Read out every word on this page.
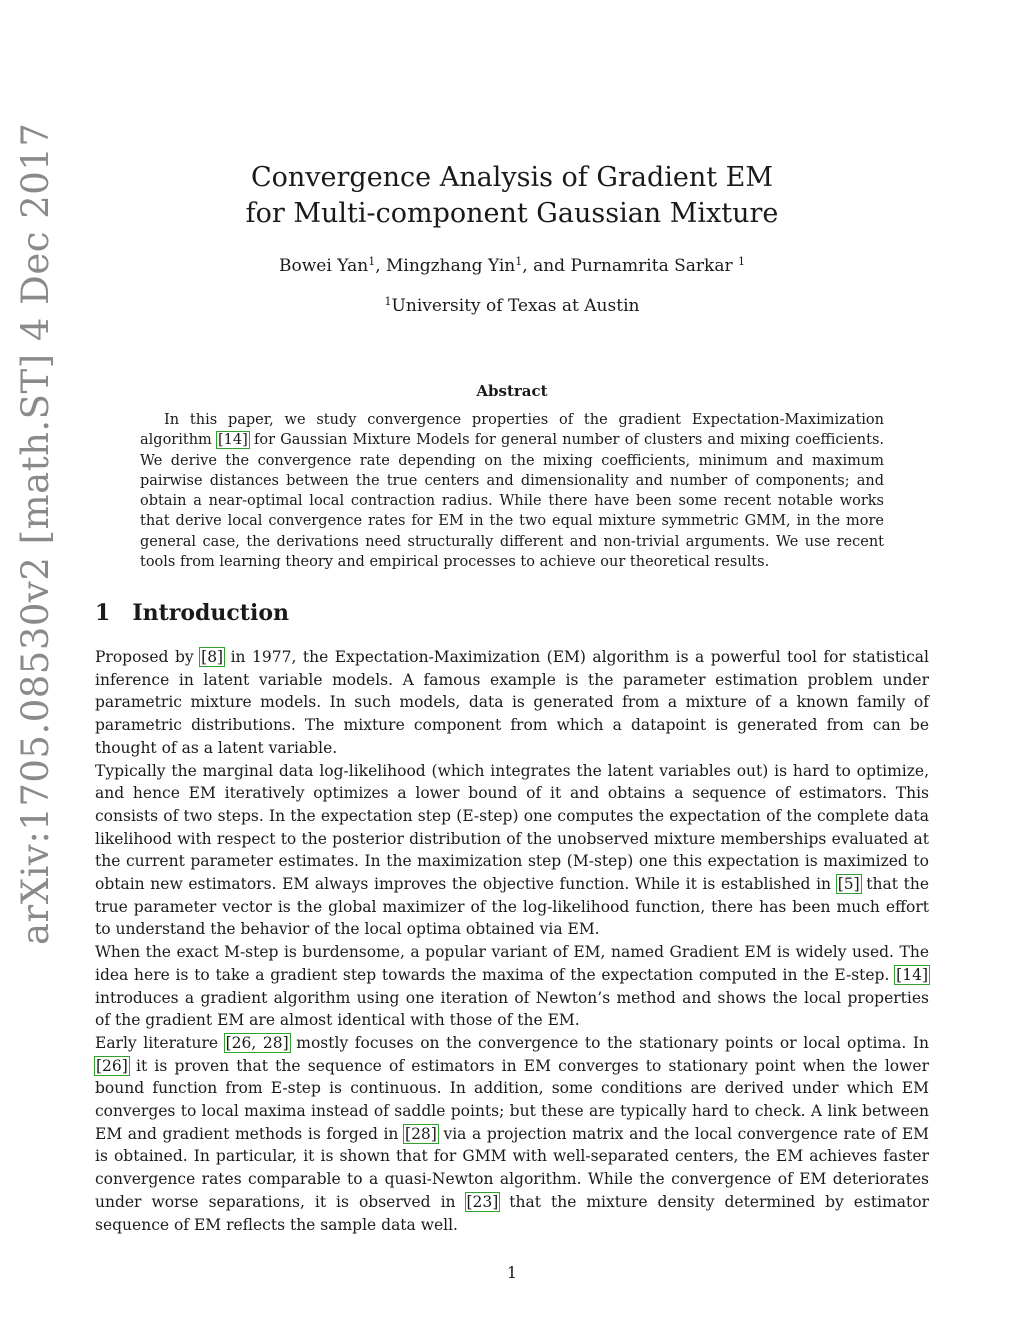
arXiv:1705.08530v2 [math.ST] 4 Dec 2017	Convergence Analysis of Gradient EM
for Multi-component Gaussian Mixture
Bowei Yan$^1$, Mingzhang Yin$^1$, and Purnamrita Sarkar $^1$
$^1$University of Texas at Austin
Abstract

In this paper, we study convergence properties of the gradient Expectation-Maximization algorithm [14] for Gaussian Mixture Models for general number of clusters and mixing coefficients. We derive the convergence rate depending on the mixing coefficients, minimum and maximum pairwise distances between the true centers and dimensionality and number of components; and obtain a near-optimal local contraction radius. While there have been some recent notable works that derive local convergence rates for EM in the two equal mixture symmetric GMM, in the more general case, the derivations need structurally different and non-trivial arguments. We use recent tools from learning theory and empirical processes to achieve our theoretical results.

1 Introduction

Proposed by [8] in 1977, the Expectation-Maximization (EM) algorithm is a powerful tool for statistical inference in latent variable models. A famous example is the parameter estimation problem under parametric mixture models. In such models, data is generated from a mixture of a known family of parametric distributions. The mixture component from which a datapoint is generated from can be thought of as a latent variable.

Typically the marginal data log-likelihood (which integrates the latent variables out) is hard to optimize, and hence EM iteratively optimizes a lower bound of it and obtains a sequence of estimators. This consists of two steps. In the expectation step (E-step) one computes the expectation of the complete data likelihood with respect to the posterior distribution of the unobserved mixture memberships evaluated at the current parameter estimates. In the maximization step (M-step) one this expectation is maximized to obtain new estimators. EM always improves the objective function. While it is established in [5] that the true parameter vector is the global maximizer of the log-likelihood function, there has been much effort to understand the behavior of the local optima obtained via EM.

When the exact M-step is burdensome, a popular variant of EM, named Gradient EM is widely used. The idea here is to take a gradient step towards the maxima of the expectation computed in the E-step. [14] introduces a gradient algorithm using one iteration of Newton’s method and shows the local properties of the gradient EM are almost identical with those of the EM.

Early literature [26, 28] mostly focuses on the convergence to the stationary points or local optima. In [26] it is proven that the sequence of estimators in EM converges to stationary point when the lower bound function from E-step is continuous. In addition, some conditions are derived under which EM converges to local maxima instead of saddle points; but these are typically hard to check. A link between EM and gradient methods is forged in [28] via a projection matrix and the local convergence rate of EM is obtained. In particular, it is shown that for GMM with well-separated centers, the EM achieves faster convergence rates comparable to a quasi-Newton algorithm. While the convergence of EM deteriorates under worse separations, it is observed in [23] that the mixture density determined by estimator sequence of EM reflects the sample data well.

1
